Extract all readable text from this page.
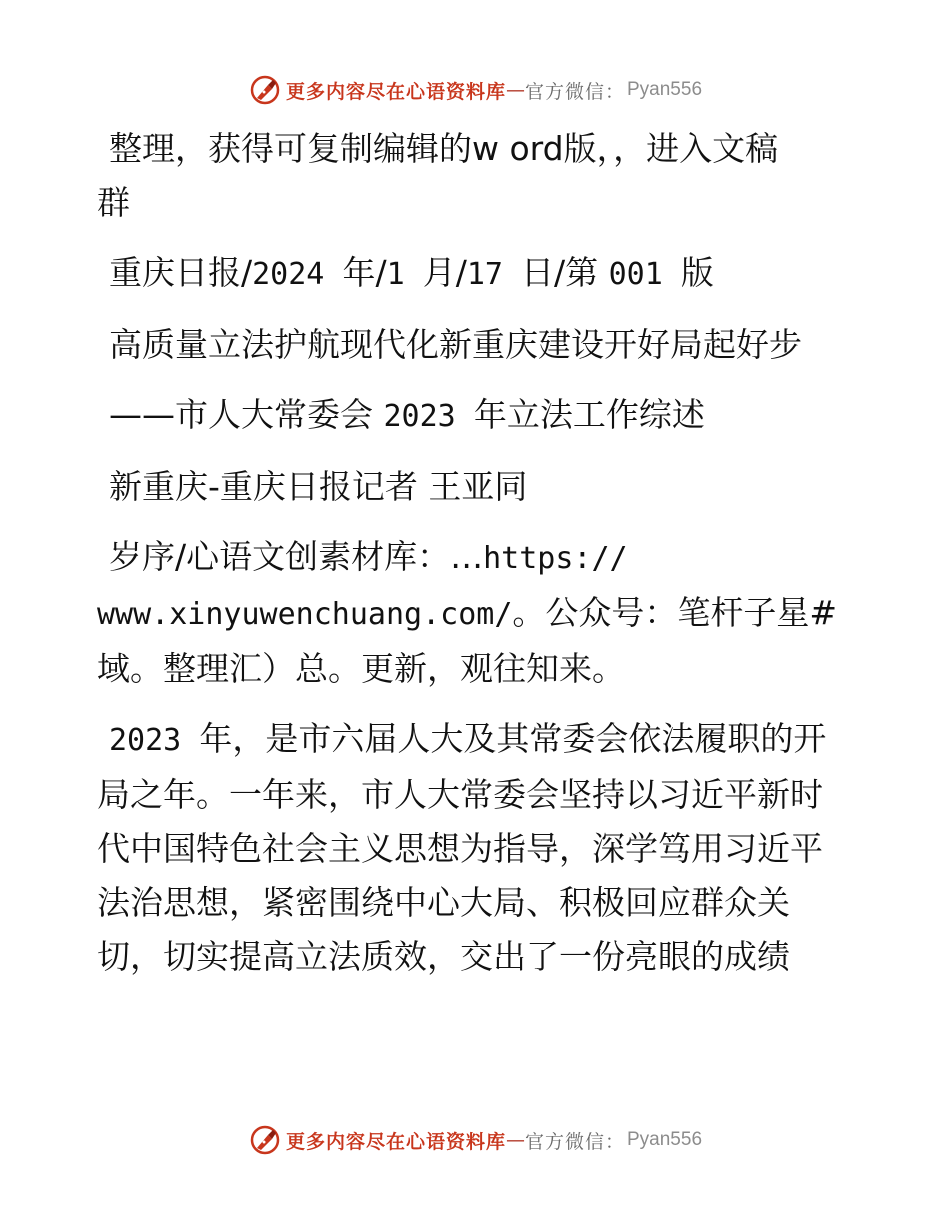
更多内容尽在心语资料库 — 官方微信： Pyan556

整理，获得可复制编辑的w ord版，，进入文稿

群

重庆日报/2024 年/1 月/17 日/第 001 版

高质量立法护航现代化新重庆建设开好局起好步

——市人大常委会 2023 年立法工作综述

新重庆-重庆日报记者 王亚同

岁序/心语文创素材库：…https://

www.xinyuwenchuang.com/。公众号：笔杆子星#

域。整理汇）总。更新，观往知来。

2023 年，是市六届人大及其常委会依法履职的开

局之年。一年来，市人大常委会坚持以习近平新时

代中国特色社会主义思想为指导，深学笃用习近平

法治思想，紧密围绕中心大局、积极回应群众关

切，切实提高立法质效，交出了一份亮眼的成绩

更多内容尽在心语资料库 — 官方微信： Pyan556
